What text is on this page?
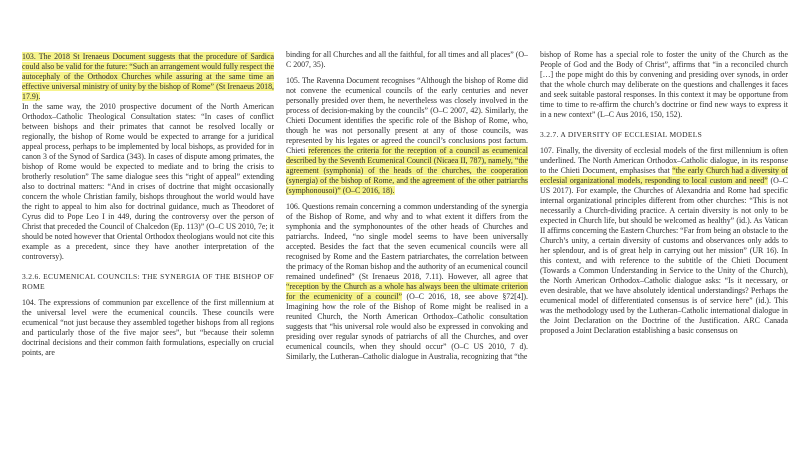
103. The 2018 St Irenaeus Document suggests that the procedure of Sardica could also be valid for the future: “Such an arrangement would fully respect the autocephaly of the Orthodox Churches while assuring at the same time an effective universal ministry of unity by the bishop of Rome” (St Irenaeus 2018, 17.9).

In the same way, the 2010 prospective document of the North American Orthodox–Catholic Theological Consultation states: “In cases of conflict between bishops and their primates that cannot be resolved locally or regionally, the bishop of Rome would be expected to arrange for a juridical appeal process, perhaps to be implemented by local bishops, as provided for in canon 3 of the Synod of Sardica (343). In cases of dispute among primates, the bishop of Rome would be expected to mediate and to bring the crisis to brotherly resolution” The same dialogue sees this “right of appeal” extending also to doctrinal matters: “And in crises of doctrine that might occasionally concern the whole Christian family, bishops throughout the world would have the right to appeal to him also for doctrinal guidance, much as Theodoret of Cyrus did to Pope Leo I in 449, during the controversy over the person of Christ that preceded the Council of Chalcedon (Ep. 113)” (O–C US 2010, 7e; it should be noted however that Oriental Orthodox theologians would not cite this example as a precedent, since they have another interpretation of the controversy).

3.2.6. ECUMENICAL COUNCILS: THE SYNERGIA OF THE BISHOP OF ROME

104. The expressions of communion par excellence of the first millennium at the universal level were the ecumenical councils. These councils were ecumenical “not just because they assembled together bishops from all regions and particularly those of the five major sees”, but “because their solemn doctrinal decisions and their common faith formulations, especially on crucial points, are

binding for all Churches and all the faithful, for all times and all places” (O–C 2007, 35).

105. The Ravenna Document recognises “Although the bishop of Rome did not convene the ecumenical councils of the early centuries and never personally presided over them, he nevertheless was closely involved in the process of decision-making by the councils” (O–C 2007, 42). Similarly, the Chieti Document identifies the specific role of the Bishop of Rome, who, though he was not personally present at any of those councils, was represented by his legates or agreed the council’s conclusions post factum. Chieti references the criteria for the reception of a council as ecumenical described by the Seventh Ecumenical Council (Nicaea II, 787), namely, “the agreement (symphonia) of the heads of the churches, the cooperation (synergia) of the bishop of Rome, and the agreement of the other patriarchs (symphonousoi)” (O–C 2016, 18).

106. Questions remain concerning a common understanding of the synergia of the Bishop of Rome, and why and to what extent it differs from the symphonia and the symphonountes of the other heads of Churches and patriarchs. Indeed, “no single model seems to have been universally accepted. Besides the fact that the seven ecumenical councils were all recognised by Rome and the Eastern patriarchates, the correlation between the primacy of the Roman bishop and the authority of an ecumenical council remained undefined” (St Irenaeus 2018, 7.11). However, all agree that “reception by the Church as a whole has always been the ultimate criterion for the ecumenicity of a council” (O–C 2016, 18, see above §72[4]). Imagining how the role of the Bishop of Rome might be realised in a reunited Church, the North American Orthodox–Catholic consultation suggests that “his universal role would also be expressed in convoking and presiding over regular synods of patriarchs of all the Churches, and over ecumenical councils, when they should occur” (O–C US 2010, 7 d). Similarly, the Lutheran–Catholic dialogue in Australia, recognizing that “the

bishop of Rome has a special role to foster the unity of the Church as the People of God and the Body of Christ”, affirms that “in a reconciled church […] the pope might do this by convening and presiding over synods, in order that the whole church may deliberate on the questions and challenges it faces and seek suitable pastoral responses. In this context it may be opportune from time to time to re-affirm the church’s doctrine or find new ways to express it in a new context” (L–C Aus 2016, 150, 152).

3.2.7. A DIVERSITY OF ECCLESIAL MODELS

107. Finally, the diversity of ecclesial models of the first millennium is often underlined. The North American Orthodox–Catholic dialogue, in its response to the Chieti Document, emphasises that “the early Church had a diversity of ecclesial organizational models, responding to local custom and need” (O–C US 2017). For example, the Churches of Alexandria and Rome had specific internal organizational principles different from other churches: “This is not necessarily a Church-dividing practice. A certain diversity is not only to be expected in Church life, but should be welcomed as healthy” (id.). As Vatican II affirms concerning the Eastern Churches: “Far from being an obstacle to the Church’s unity, a certain diversity of customs and observances only adds to her splendour, and is of great help in carrying out her mission” (UR 16). In this context, and with reference to the subtitle of the Chieti Document (Towards a Common Understanding in Service to the Unity of the Church), the North American Orthodox–Catholic dialogue asks: “Is it necessary, or even desirable, that we have absolutely identical understandings? Perhaps the ecumenical model of differentiated consensus is of service here” (id.). This was the methodology used by the Lutheran–Catholic international dialogue in the Joint Declaration on the Doctrine of the Justification. ARC Canada proposed a Joint Declaration establishing a basic consensus on
